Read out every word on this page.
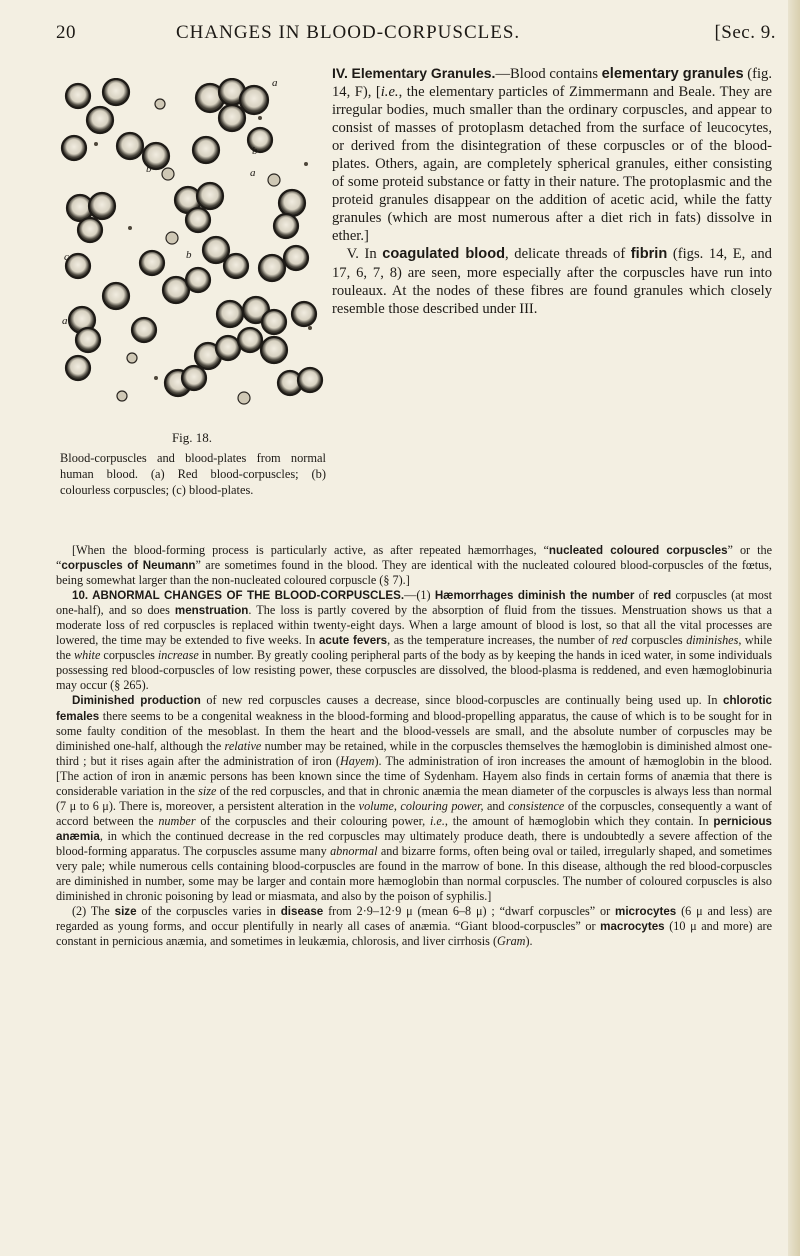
20	CHANGES IN BLOOD-CORPUSCLES.	[Sec. 9.
a
b
b	a
b
c
a
Fig. 18.
Blood-corpuscles and blood-plates from normal human blood. (a) Red blood-corpuscles; (b) colourless corpuscles; (c) blood-plates.
IV. Elementary Granules.—Blood contains elementary granules (fig. 14, F), [i.e., the elementary particles of Zimmermann and Beale. They are irregular bodies, much smaller than the ordinary corpuscles, and appear to consist of masses of protoplasm detached from the surface of leucocytes, or derived from the disintegration of these corpuscles or of the blood-plates. Others, again, are completely spherical granules, either consisting of some proteid substance or fatty in their nature. The protoplasmic and the proteid granules disappear on the addition of acetic acid, while the fatty granules (which are most numerous after a diet rich in fats) dissolve in ether.]
 V. In coagulated blood, delicate threads of fibrin (figs. 14, E, and 17, 6, 7, 8) are seen, more especially after the corpuscles have run into rouleaux. At the nodes of these fibres are found granules which closely resemble those described under III.

[When the blood-forming process is particularly active, as after repeated hæmorrhages, “nucleated coloured corpuscles” or the “corpuscles of Neumann” are sometimes found in the blood. They are identical with the nucleated coloured blood-corpuscles of the fœtus, being somewhat larger than the non-nucleated coloured corpuscle (§ 7).]

10. ABNORMAL CHANGES OF THE BLOOD-CORPUSCLES.—(1) Hæmorrhages diminish the number of red corpuscles (at most one-half), and so does menstruation. The loss is partly covered by the absorption of fluid from the tissues. Menstruation shows us that a moderate loss of red corpuscles is replaced within twenty-eight days. When a large amount of blood is lost, so that all the vital processes are lowered, the time may be extended to five weeks. In acute fevers, as the temperature increases, the number of red corpuscles diminishes, while the white corpuscles increase in number. By greatly cooling peripheral parts of the body as by keeping the hands in iced water, in some individuals possessing red blood-corpuscles of low resisting power, these corpuscles are dissolved, the blood-plasma is reddened, and even hæmoglobinuria may occur (§ 265).

Diminished production of new red corpuscles causes a decrease, since blood-corpuscles are continually being used up. In chlorotic females there seems to be a congenital weakness in the blood-forming and blood-propelling apparatus, the cause of which is to be sought for in some faulty condition of the mesoblast. In them the heart and the blood-vessels are small, and the absolute number of corpuscles may be diminished one-half, although the relative number may be retained, while in the corpuscles themselves the hæmoglobin is diminished almost one-third ; but it rises again after the administration of iron (Hayem). The administration of iron increases the amount of hæmoglobin in the blood. [The action of iron in anæmic persons has been known since the time of Sydenham. Hayem also finds in certain forms of anæmia that there is considerable variation in the size of the red corpuscles, and that in chronic anæmia the mean diameter of the corpuscles is always less than normal (7 μ to 6 μ). There is, moreover, a persistent alteration in the volume, colouring power, and consistence of the corpuscles, consequently a want of accord between the number of the corpuscles and their colouring power, i.e., the amount of hæmoglobin which they contain. In pernicious anæmia, in which the continued decrease in the red corpuscles may ultimately produce death, there is undoubtedly a severe affection of the blood-forming apparatus. The corpuscles assume many abnormal and bizarre forms, often being oval or tailed, irregularly shaped, and sometimes very pale; while numerous cells containing blood-corpuscles are found in the marrow of bone. In this disease, although the red blood-corpuscles are diminished in number, some may be larger and contain more hæmoglobin than normal corpuscles. The number of coloured corpuscles is also diminished in chronic poisoning by lead or miasmata, and also by the poison of syphilis.]

(2) The size of the corpuscles varies in disease from 2·9–12·9 μ (mean 6–8 μ) ; “dwarf corpuscles” or microcytes (6 μ and less) are regarded as young forms, and occur plentifully in nearly all cases of anæmia. “Giant blood-corpuscles” or macrocytes (10 μ and more) are constant in pernicious anæmia, and sometimes in leukæmia, chlorosis, and liver cirrhosis (Gram).
